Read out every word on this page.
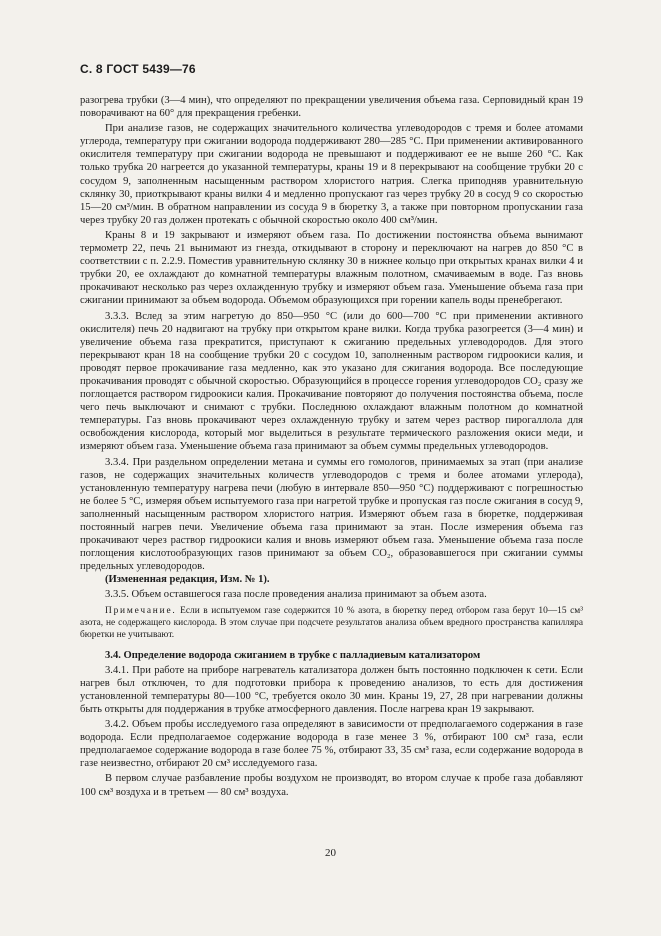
С. 8 ГОСТ 5439—76

разогрева трубки (3—4 мин), что определяют по прекращении увеличения объема газа. Серповидный кран 19 поворачивают на 60° для прекращения гребенки.

При анализе газов, не содержащих значительного количества углеводородов с тремя и более атомами углерода, температуру при сжигании водорода поддерживают 280—285 °С. При применении активированного окислителя температуру при сжигании водорода не превышают и поддерживают ее не выше 260 °С. Как только трубка 20 нагреется до указанной температуры, краны 19 и 8 перекрывают на сообщение трубки 20 с сосудом 9, заполненным насыщенным раствором хлористого натрия. Слегка приподняв уравнительную склянку 30, приоткрывают краны вилки 4 и медленно пропускают газ через трубку 20 в сосуд 9 со скоростью 15—20 см³/мин. В обратном направлении из сосуда 9 в бюретку 3, а также при повторном пропускании газа через трубку 20 газ должен протекать с обычной скоростью около 400 см³/мин.

Краны 8 и 19 закрывают и измеряют объем газа. По достижении постоянства объема вынимают термометр 22, печь 21 вынимают из гнезда, откидывают в сторону и переключают на нагрев до 850 °С в соответствии с п. 2.2.9. Поместив уравнительную склянку 30 в нижнее кольцо при открытых кранах вилки 4 и трубки 20, ее охлаждают до комнатной температуры влажным полотном, смачиваемым в воде. Газ вновь прокачивают несколько раз через охлажденную трубку и измеряют объем газа. Уменьшение объема газа при сжигании принимают за объем водорода. Объемом образующихся при горении капель воды пренебрегают.

3.3.3. Вслед за этим нагретую до 850—950 °С (или до 600—700 °С при применении активного окислителя) печь 20 надвигают на трубку при открытом кране вилки. Когда трубка разогреется (3—4 мин) и увеличение объема газа прекратится, приступают к сжиганию предельных углеводородов. Для этого перекрывают кран 18 на сообщение трубки 20 с сосудом 10, заполненным раствором гидроокиси калия, и проводят первое прокачивание газа медленно, как это указано для сжигания водорода. Все последующие прокачивания проводят с обычной скоростью. Образующийся в процессе горения углеводородов CO₂ сразу же поглощается раствором гидроокиси калия. Прокачивание повторяют до получения постоянства объема, после чего печь выключают и снимают с трубки. Последнюю охлаждают влажным полотном до комнатной температуры. Газ вновь прокачивают через охлажденную трубку и затем через раствор пирогаллола для освобождения кислорода, который мог выделиться в результате термического разложения окиси меди, и измеряют объем газа. Уменьшение объема газа принимают за объем суммы предельных углеводородов.

3.3.4. При раздельном определении метана и суммы его гомологов, принимаемых за этап (при анализе газов, не содержащих значительных количеств углеводородов с тремя и более атомами углерода), установленную температуру нагрева печи (любую в интервале 850—950 °С) поддерживают с погрешностью не более 5 °С, измеряя объем испытуемого газа при нагретой трубке и пропуская газ после сжигания в сосуд 9, заполненный насыщенным раствором хлористого натрия. Измеряют объем газа в бюретке, поддерживая постоянный нагрев печи. Увеличение объема газа принимают за этан. После измерения объема газ прокачивают через раствор гидроокиси калия и вновь измеряют объем газа. Уменьшение объема газа после поглощения кислотообразующих газов принимают за объем CO₂, образовавшегося при сжигании суммы предельных углеводородов.

(Измененная редакция, Изм. № 1).

3.3.5. Объем оставшегося газа после проведения анализа принимают за объем азота.

Примечание. Если в испытуемом газе содержится 10 % азота, в бюретку перед отбором газа берут 10—15 см³ азота, не содержащего кислорода. В этом случае при подсчете результатов анализа объем вредного пространства капилляра бюретки не учитывают.

3.4. Определение водорода сжиганием в трубке с палладиевым катализатором

3.4.1. При работе на приборе нагреватель катализатора должен быть постоянно подключен к сети. Если нагрев был отключен, то для подготовки прибора к проведению анализов, то есть для достижения установленной температуры 80—100 °С, требуется около 30 мин. Краны 19, 27, 28 при нагревании должны быть открыты для поддержания в трубке атмосферного давления. После нагрева кран 19 закрывают.

3.4.2. Объем пробы исследуемого газа определяют в зависимости от предполагаемого содержания в газе водорода. Если предполагаемое содержание водорода в газе менее 3 %, отбирают 100 см³ газа, если предполагаемое содержание водорода в газе более 75 %, отбирают 33, 35 см³ газа, если содержание водорода в газе неизвестно, отбирают 20 см³ исследуемого газа.

В первом случае разбавление пробы воздухом не производят, во втором случае к пробе газа добавляют 100 см³ воздуха и в третьем — 80 см³ воздуха.

20
